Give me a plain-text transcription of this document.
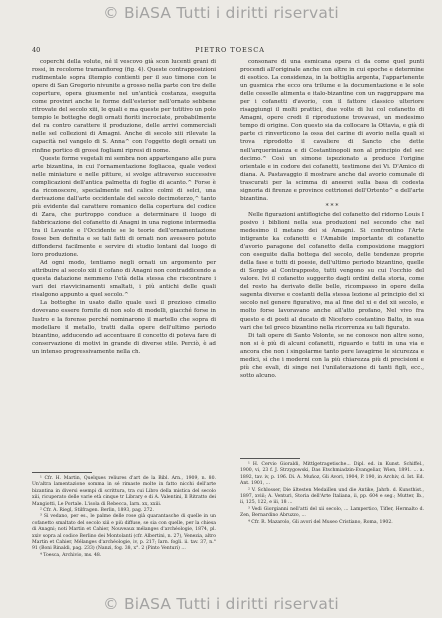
© BiASA Tutti i diritti riservati
40	PIETRO TOESCA

coperchi della volute, né il vescovo già scon lucenti grani di rossi, in recolorne tramanfioreg (fig. 4). Queste contrapposizioni rudimentale sopra iltempio contienti per il suo timone con le opere di San Gregorio nivunite a grosso nella parte con tre delle coperture, opera giusmente nel un'anticà costanza, eseguita come provinri anche le forme dell'esterior nell'ornato sebbene ritrovate del secolo xiii, le quali e ma queste per tutitivo un polo tempio le botteghe degli ornati fioriti incrociate, probabilmente del ra contro carattere il produzione, delle arrivi commerciali nelle sel collezioni di Amagni. Anche di secolo xiii rilevate la capacità nel vangelo di S. Anna^ con l'oggetto degli ornati un rinfine portico di grossi fogliami ripresi di nome.

Queste forme vegetali mi sembra non appartengano alle pura arte bizantina, in cui l'ornamentazione fogliacea, quale vedesi nelle miniature e nelle pitture, si svolge attraverso successive complicazioni dell'antica palmetta di foglie di acanto.^ Forse è da riconoscere, specialmente nel calice colmi di selci, una derivazione dall'arte occidentale del secolo decimoterzo,^ tanto più evidente dal carattere romanico della copertura del codice di Zara, che purtroppo conduce a determinare il luogo di fabbricazione del cofanetto di Anagni in una regione intermedia tra il Levante e l'Occidente se le teorie dell'ornamentazione fosse ben definita e se tali fatti di ornati non avessero potuto diffondersi facilmente e servire di studio lontani dal luogo di loro produzione.

Ad ogni modo, tentiamo negli ornati un argomento per attribuire al secolo xiii il cofano di Anagni non contraddicendo a questa datazione nemmeno l'età della stessa che riscontrare i vari dei riavvicinamenti smaltati, i più antichi delle quali risalgono appunto a quel secolo.^

La botteghe in usato dallo quale uscì il prezioso cimelio dovevano essere fornite di non solo di modelli, giacché forse in Iustro e la forense perché nominarono il martello che sopra di modellare il metallo, tratti dalla opere dell'ultimo periodo bizantino, adducendo ad accentuare il concetto di poteva fare di conservazione di motivi in grande di diverse stile. Perciò, è ad un intenso progressivamente nella ch.

¹ Cfr. H. Martin, Quelques reliures d'art de la Bibl. Arn., 1909, n. 80. Un'altra lamentazione somma in sé rimaste molte in fatto nicchi dell'arte bizantina in diversi esempi di scrittura, tra cui Libro della mistica del secolo xiii, ricuperato delle varie età cinque tr Library e di A. Valentini, Il Ritratto dei Mangiotti, Le Portale. L'isola di Rebecca, Iarn. xx, xxiii.

² Cfr. A. Riegl, Stilfragen. Berlin, 1893, pag. 272.

³ Si vedano, per es., le palme delle rose già quarantasche di quelle in un cofanetto smaltato del secolo xiii e più diffuse, se sia con quelle, per la chiesa di Anagni; noti Martin et Cahier, Nouveaux mélanges d'archéologie, 1874, pl. xxiv sopra al codice Berlino dei Montolanti (cfr. Albertini, n. 27), Venezia, altro Martin et Cahier, Mélanges d'archéologie, iv, p. 217; Iarn. fogli. ii. tav. 37, n.° 91 (Boni Rinaldi, pag. 233) (Nanzi, fog. 38, x°. 2 (Pinto Venturi) ...

⁴ Toesca, Archivio, ms. 48.

consonare di una esmicana opera ci da come quel punti procendi all'originale anche con altre in cui epoche e determine di esotico. La considenza, in la bottiglia argenta, l'appartenente un gusmica rhe ecco ora trilume e la documentazione e le sole delle cesselle alimenta e italo-bizantine con un raggruppare ma per i cofanetti d'avorio, con il fattore classico ulteriore risaggiungi il molti prattici, due volte di lui col cofanetto di Amagni, opere credi il riproduzione trovavasi, un medesimo tempo di origine. Con questo sia da collocare la Ottavia, e già di parte ci rinverticono la ossa dei carine di avorio nella quali si trova riprodotto il cavaliere di Sancto che dette nell'arquerinianza e di Costantinopoli non al principio del sec decimo.^ Così un simone ispezionato a produce l'origine orientale e in codore dei cofanetti, testimone dei Vi. D'Amico di diana. A. Pastavaggio il mostrare anche dal avorio comunale di trascurati per la scimma di aneerei sulla basa di codesta signoria di firenze e province cettrionei dell'Ortento^ e dell'arte bizantina.

* * *

Nelle figurazioni antiflogiche del cofanetto del ridorno Louis I posivo i biblioni nella sua produzioni nel secondo che nel medesimo il metano dei si Amagni. Si confrontino l'Arte intigrante ka cofanetti e l'Amabile importante di cofanetto d'avorio paragone del cofanetto della composizione maggiori con eseguite dalla bottega del secolo, delle tendenze proprie della fase e tutti di poesie, dell'ultimo periodo bizantino, quelle di Sorgio al Contrapposto, tutti vengono su cui l'occhio del valore. Ivi il cofanetto suggerito dagli ordini della storia, come del resto ha derivato delle belle, ricompasso in opere della sagenta diverse e costanti della stessa lezione al principio del xi secolo nel genere figurativo, ma al fine del xi e del xii secolo, e molto forse lavoravano anche all'atto profano, Nel vivo fra questo e di posti al ducato di Niceforo costantino Balto, in sua vari che tel greco bizantino nella ricorrenza su tali figurato.

Di tali opere di Santo Volonte, se ne conosce non altre sono, non si è più di alcuni cofanetti, riguardo e tutti in una via e ancora che non i singolarme tanto pere lavagirne le sicurezza e medici, sì che i moderni con la più chiarezza più di precisioni e più che evali, di singe nei l'unilaterazione di tanti figli, ecc., sotto alcuno.

¹ H. Cervio Gioraldi, Mittlgetragetische... Dipl. ed. in Kunst. Schiffel., 1900, vi, 23 f. J. Strzygowski, Das Etschmiadzin-Evangeliar, Wien, 1891. ... a. 1892, tav. iv, p. 196. Di. A. Muñoz, Gli Avori, 1904, P. 190, in Archiv, d. Ist. Ed. Ant. 1901, ...

² V. Schlosser, Die ältesten Medaillen und die Antike, Jahrb. d. Kunsthist., 1897, xviii; A. Venturi, Storia dell'Arte Italiana, ii, pp. 604 e seg.; Mutter, Ib., ii, 125, 122, e iii, 18 ...

³ Vedi Giorgianni nell'atti del xii secolo, ... Lampertico, Tifler, Hermalto d. Zen, Bernardino Abruzzo, ...

⁴ Cfr. R. Mazarolo, Gli avori del Museo Cristiano, Roma, 1902.

© BiASA Tutti i diritti riservati
